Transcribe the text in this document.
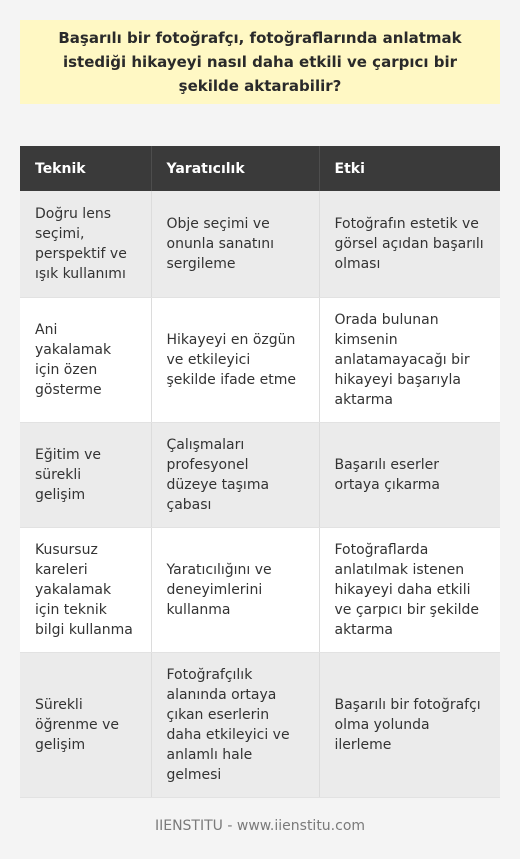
Başarılı bir fotoğrafçı, fotoğraflarında anlatmak istediği hikayeyi nasıl daha etkili ve çarpıcı bir şekilde aktarabilir?
Teknik	Yaratıcılık	Etki
Doğru lens seçimi, perspektif ve ışık kullanımı	Obje seçimi ve onunla sanatını sergileme	Fotoğrafın estetik ve görsel açıdan başarılı olması
Ani yakalamak için özen gösterme	Hikayeyi en özgün ve etkileyici şekilde ifade etme	Orada bulunan kimsenin anlatamayacağı bir hikayeyi başarıyla aktarma
Eğitim ve sürekli gelişim	Çalışmaları profesyonel düzeye taşıma çabası	Başarılı eserler ortaya çıkarma
Kusursuz kareleri yakalamak için teknik bilgi kullanma	Yaratıcılığını ve deneyimlerini kullanma	Fotoğraflarda anlatılmak istenen hikayeyi daha etkili ve çarpıcı bir şekilde aktarma
Sürekli öğrenme ve gelişim	Fotoğrafçılık alanında ortaya çıkan eserlerin daha etkileyici ve anlamlı hale gelmesi	Başarılı bir fotoğrafçı olma yolunda ilerleme
IIENSTITU - www.iienstitu.com
